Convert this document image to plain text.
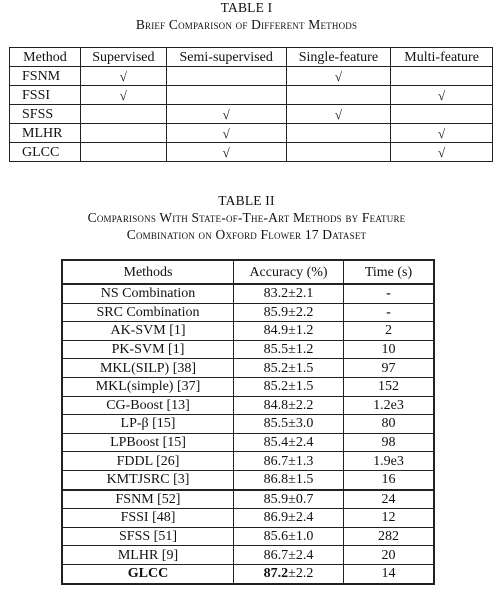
TABLE I
Brief Comparison of Different Methods
Method	Supervised	Semi-supervised	Single-feature	Multi-feature
FSNM	√		√	
FSSI	√			√
SFSS		√	√	
MLHR		√		√
GLCC		√		√
TABLE II
Comparisons With State-of-The-Art Methods by Feature
Combination on Oxford Flower 17 Dataset
Methods	Accuracy (%)	Time (s)
NS Combination	83.2±2.1	-
SRC Combination	85.9±2.2	-
AK-SVM [1]	84.9±1.2	2
PK-SVM [1]	85.5±1.2	10
MKL(SILP) [38]	85.2±1.5	97
MKL(simple) [37]	85.2±1.5	152
CG-Boost [13]	84.8±2.2	1.2e3
LP-β [15]	85.5±3.0	80
LPBoost [15]	85.4±2.4	98
FDDL [26]	86.7±1.3	1.9e3
KMTJSRC [3]	86.8±1.5	16
FSNM [52]	85.9±0.7	24
FSSI [48]	86.9±2.4	12
SFSS [51]	85.6±1.0	282
MLHR [9]	86.7±2.4	20
GLCC	87.2±2.2	14
